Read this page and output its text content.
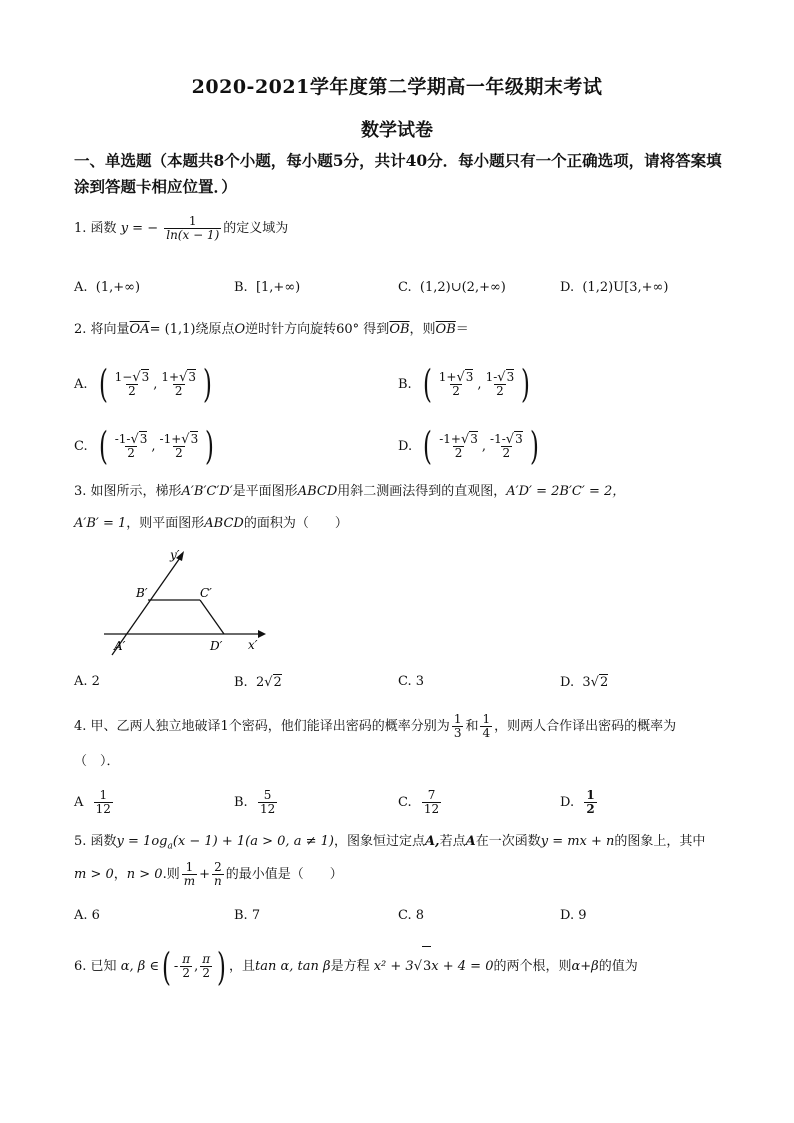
2020-2021学年度第二学期高一年级期末考试
数学试卷
一、单选题（本题共8个小题，每小题5分，共计40分．每小题只有一个正确选项，请将答案填涂到答题卡相应位置．）
1. 函数 y = − $\frac{1}{\ln(x - 1)}$ 的定义域为
A.
(1,+∞)	B.
[1,+∞)	C.
(1,2)∪(2,+∞)	D.
(1,2)U[3,+∞)
2. 将向量$\overline{OA}= (1,1)$绕原点O逆时针方向旋转60° 得到$\overline{OB}$，则$\overline{OB}=$
A.
( $\frac{1-√3}{2}$ , $\frac{1+√3}{2}$ )	B.
( $\frac{1+√3}{2}$ , $\frac{1-√3}{2}$ )
C.
( $\frac{-1-√3}{2}$ , $\frac{-1+√3}{2}$ )	D.
( $\frac{-1+√3}{2}$ , $\frac{-1-√3}{2}$ )
3. 如图所示，梯形A′B′C′D′是平面图形ABCD用斜二测画法得到的直观图，A′D′ = 2B′C′ = 2，
A′B′ = 1，则平面图形ABCD的面积为（　　）
y′
x′
A′
B′	C′
D′
A.
2	B.
2 √ 2	C.
3	D.
3 √ 2
4. 甲、乙两人独立地破译1个密码，他们能译出密码的概率分别为 $\frac{1}{3}$ 和 $\frac{1}{4}$ ，则两人合作译出密码的概率为
（　）．
A
$\frac{1}{12}$	B.
$\frac{5}{12}$	C.
$\frac{7}{12}$	D.
$\frac{1}{2}$
5. 函数$y = 1og_a(x - 1) + 1(a > 0$, a ≠ 1)，图象恒过定点A,若点A在一次函数y = mx + n的图象上，其中
m > 0，n > 0.则 $\frac{1}{m} + \frac{2}{n}$ 的最小值是（　　）
A.
6	B.
7	C.
8	D.
9
6. 已知
α,
β ∈ ( - $\frac{\pi}{2}$ , $\frac{\pi}{2}$ ) ，且 tan α, tan β 是方程
x² + 3 √ 3 x + 4 = 0 的两个根，则 α+β 的值为
